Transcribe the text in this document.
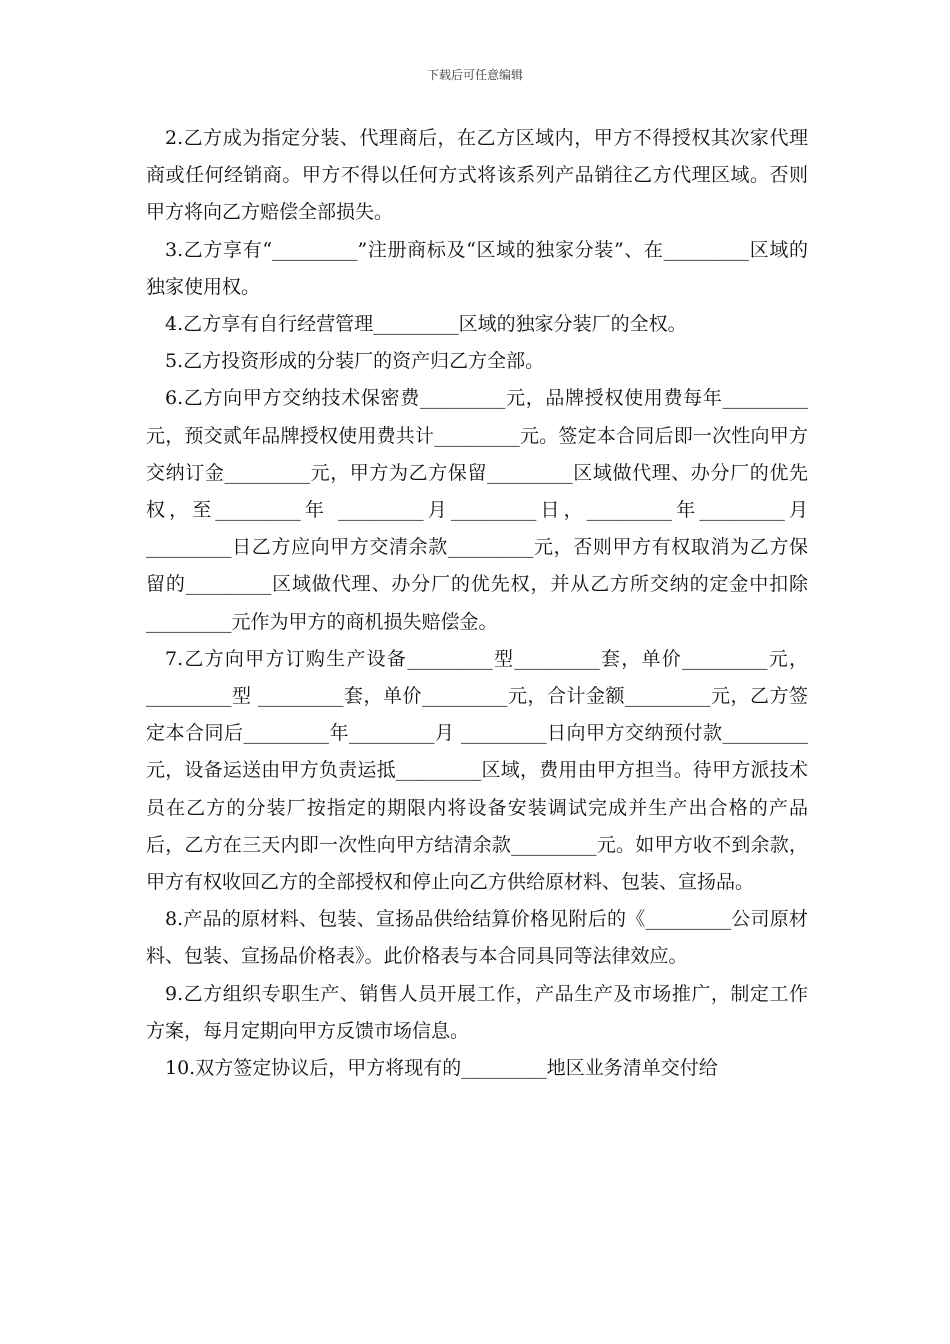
下载后可任意编辑

2.乙方成为指定分装、代理商后，在乙方区域内，甲方不得授权其次家代理商或任何经销商。甲方不得以任何方式将该系列产品销往乙方代理区域。否则甲方将向乙方赔偿全部损失。

3.乙方享有“_________”注册商标及“区域的独家分装”、在_________区域的独家使用权。

4.乙方享有自行经营管理_________区域的独家分装厂的全权。

5.乙方投资形成的分装厂的资产归乙方全部。

6.乙方向甲方交纳技术保密费_________元，品牌授权使用费每年_________元，预交贰年品牌授权使用费共计_________元。签定本合同后即一次性向甲方交纳订金_________元，甲方为乙方保留_________区域做代理、办分厂的优先权，至_________年 _________月_________日，_________年_________月_________日乙方应向甲方交清余款_________元，否则甲方有权取消为乙方保留的_________区域做代理、办分厂的优先权，并从乙方所交纳的定金中扣除_________元作为甲方的商机损失赔偿金。

7.乙方向甲方订购生产设备_________型_________套，单价_________元，_________型 _________套，单价_________元，合计金额_________元，乙方签定本合同后_________年_________月 _________日向甲方交纳预付款_________元，设备运送由甲方负责运抵_________区域，费用由甲方担当。待甲方派技术员在乙方的分装厂按指定的期限内将设备安装调试完成并生产出合格的产品后，乙方在三天内即一次性向甲方结清余款_________元。如甲方收不到余款，甲方有权收回乙方的全部授权和停止向乙方供给原材料、包装、宣扬品。

8.产品的原材料、包装、宣扬品供给结算价格见附后的《_________公司原材料、包装、宣扬品价格表》。此价格表与本合同具同等法律效应。

9.乙方组织专职生产、销售人员开展工作，产品生产及市场推广，制定工作方案，每月定期向甲方反馈市场信息。

10.双方签定协议后，甲方将现有的_________地区业务清单交付给
